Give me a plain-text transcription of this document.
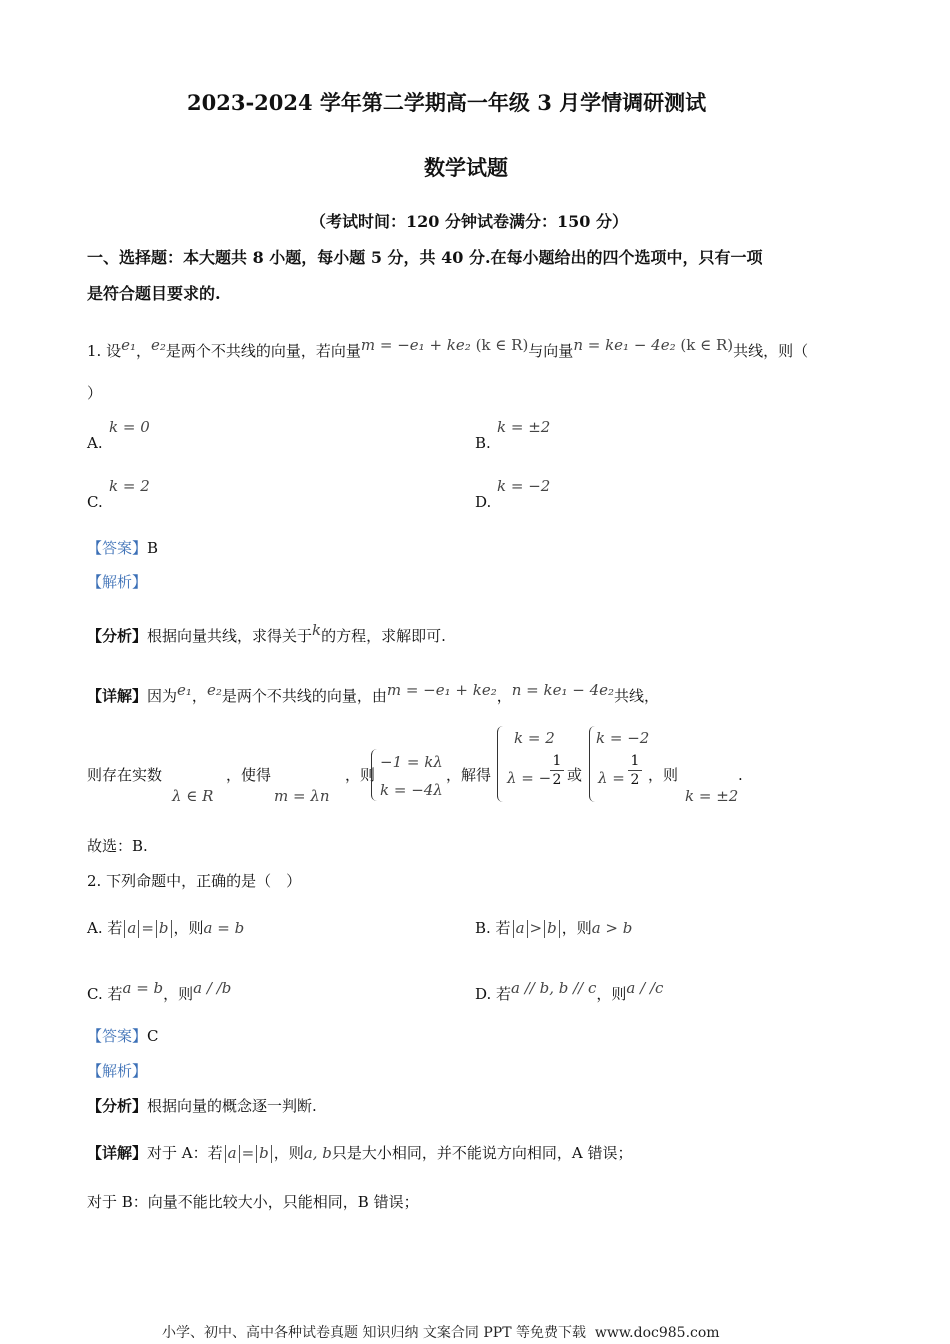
2023-2024 学年第二学期高一年级 3 月学情调研测试
数学试题
（考试时间：120 分钟试卷满分：150 分）
一、选择题：本大题共 8 小题，每小题 5 分，共 40 分.在每小题给出的四个选项中，只有一项
是符合题目要求的.
1. 设$^{e_1}$，$^{e_2}$是两个不共线的向量，若向量$^{m = -e_1 + ke_2}$ $^{(k \in R)}$与向量$^{n = ke_1 - 4e_2}$ $^{(k \in R)}$共线，则（
）
A.
k = 0
B.
k = ±2
C.
k = 2
D.
k = −2
【答案】B
【解析】
【分析】根据向量共线，求得关于$^k$的方程，求解即可.
【详解】因为$^{e_1}$，$^{e_2}$是两个不共线的向量，由$^{m = -e_1 + ke_2}$，$^{n = ke_1 - 4e_2}$共线，
则存在实数
λ ∈ R
，使得
m = λn
，则
−1 = kλ
k = −4λ
，解得
k = 2
λ = −
$\frac{1}{2}$ 或
k = −2
$\lambda = \frac{1}{2}$ ，则
k = ±2
.
故选：B.
2. 下列命题中，正确的是（　）
A. 若 a = b ，则a = b	B. 若 a > b ，则a > b
C. 若$^{a = b}$，则$^{a / /b}$	D. 若$^{a // b, b // c}$，则$^{a / /c}$
【答案】C
【解析】
【分析】根据向量的概念逐一判断.
【详解】对于 A：若 a = b ，则a, b只是大小相同，并不能说方向相同，A 错误；
对于 B：向量不能比较大小，只能相同，B 错误；
小学、初中、高中各种试卷真题 知识归纳 文案合同 PPT 等免费下载 www.doc985.com
